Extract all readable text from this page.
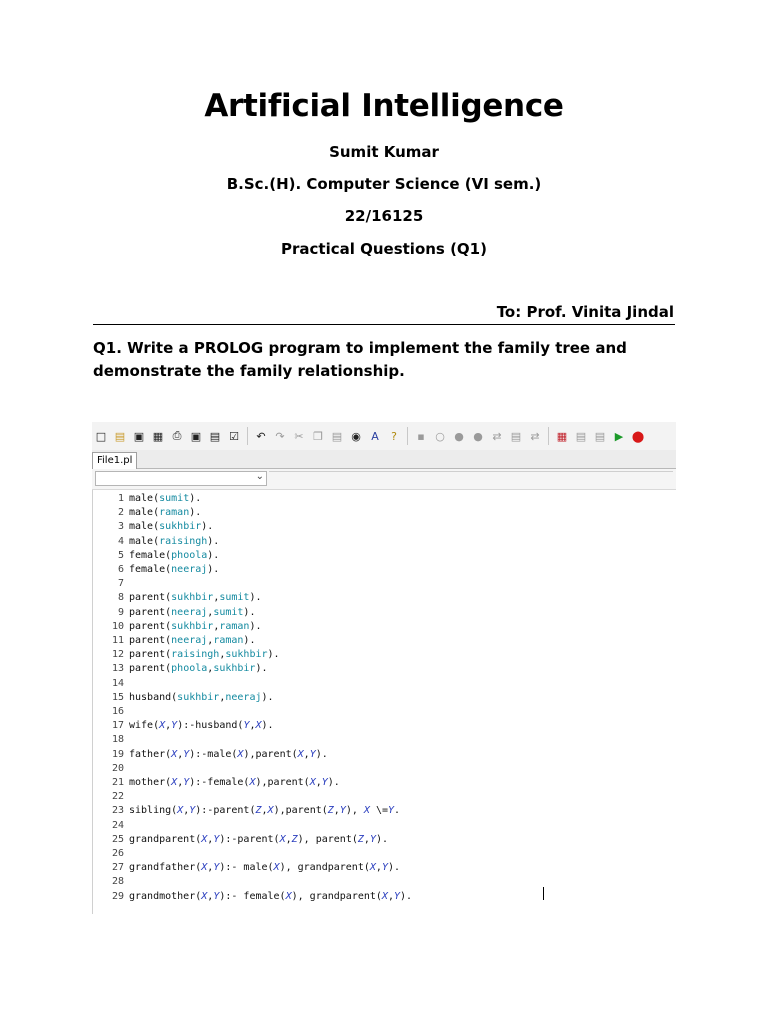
Artificial Intelligence
Sumit Kumar
B.Sc.(H). Computer Science (VI sem.)
22/16125
Practical Questions (Q1)
To: Prof. Vinita Jindal
Q1. Write a PROLOG program to implement the family tree and demonstrate the family relationship.
□ ▤ ▣ ▦ ⎙ ▣ ▤ ☑	↶ ↷ ✂ ❐ ▤ ◉ A	?	▪ ○ ● ● ⇄ ▤ ⇄	▦ ▤ ▤ ▶ ⬤
File1.pl
⌄
1 male(sumit).
2 male(raman).
3 male(sukhbir).
4 male(raisingh).
5 female(phoola).
6 female(neeraj).
7
8 parent(sukhbir,sumit).
9 parent(neeraj,sumit).
10 parent(sukhbir,raman).
11 parent(neeraj,raman).
12 parent(raisingh,sukhbir).
13 parent(phoola,sukhbir).
14
15 husband(sukhbir,neeraj).
16
17 wife(X,Y):-husband(Y,X).
18
19 father(X,Y):-male(X),parent(X,Y).
20
21 mother(X,Y):-female(X),parent(X,Y).
22
23 sibling(X,Y):-parent(Z,X),parent(Z,Y), X \=Y.
24
25 grandparent(X,Y):-parent(X,Z), parent(Z,Y).
26
27 grandfather(X,Y):- male(X), grandparent(X,Y).
28
29 grandmother(X,Y):- female(X), grandparent(X,Y).
